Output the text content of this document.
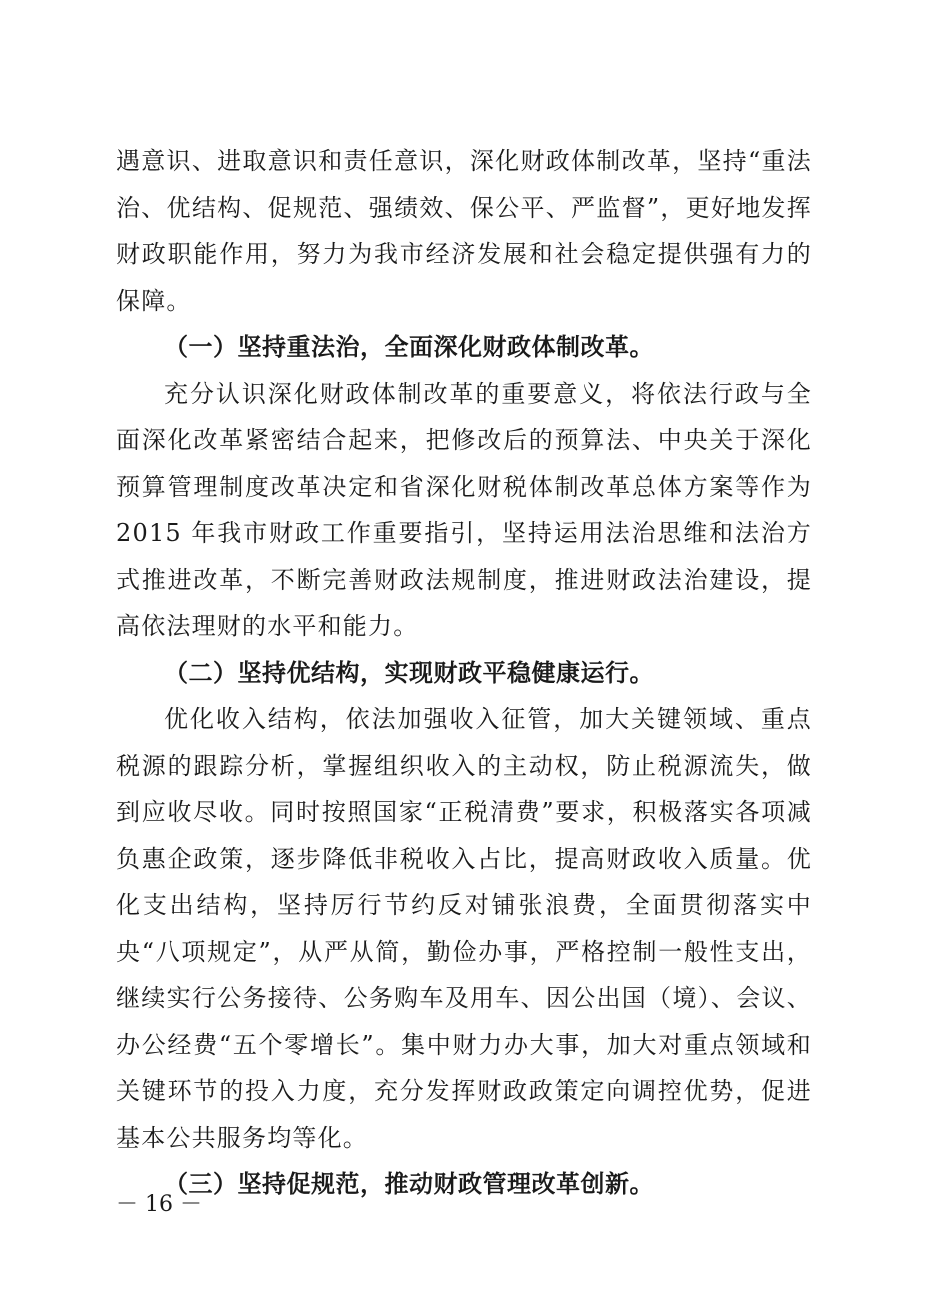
遇意识、进取意识和责任意识，深化财政体制改革，坚持“重法治、优结构、促规范、强绩效、保公平、严监督”，更好地发挥财政职能作用，努力为我市经济发展和社会稳定提供强有力的保障。

（一）坚持重法治，全面深化财政体制改革。

充分认识深化财政体制改革的重要意义，将依法行政与全面深化改革紧密结合起来，把修改后的预算法、中央关于深化预算管理制度改革决定和省深化财税体制改革总体方案等作为 2015 年我市财政工作重要指引，坚持运用法治思维和法治方式推进改革，不断完善财政法规制度，推进财政法治建设，提高依法理财的水平和能力。

（二）坚持优结构，实现财政平稳健康运行。

优化收入结构，依法加强收入征管，加大关键领域、重点税源的跟踪分析，掌握组织收入的主动权，防止税源流失，做到应收尽收。同时按照国家“正税清费”要求，积极落实各项减负惠企政策，逐步降低非税收入占比，提高财政收入质量。优化支出结构，坚持厉行节约反对铺张浪费，全面贯彻落实中央“八项规定”，从严从简，勤俭办事，严格控制一般性支出，继续实行公务接待、公务购车及用车、因公出国（境）、会议、办公经费“五个零增长”。集中财力办大事，加大对重点领域和关键环节的投入力度，充分发挥财政政策定向调控优势，促进基本公共服务均等化。

（三）坚持促规范，推动财政管理改革创新。

－ 16 －
